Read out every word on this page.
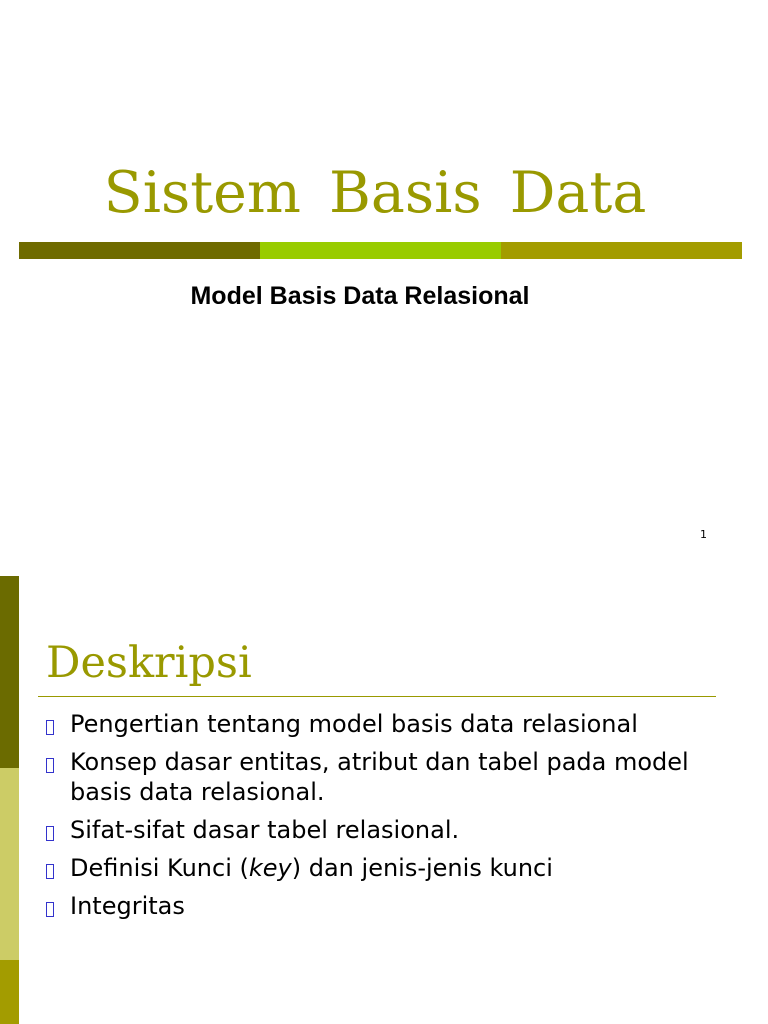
Sistem Basis Data
Model Basis Data Relasional
1
Deskripsi
Pengertian tentang model basis data relasional
Konsep dasar entitas, atribut dan tabel pada model basis data relasional.
Sifat-sifat dasar tabel relasional.
Definisi Kunci (key) dan jenis-jenis kunci
Integritas
